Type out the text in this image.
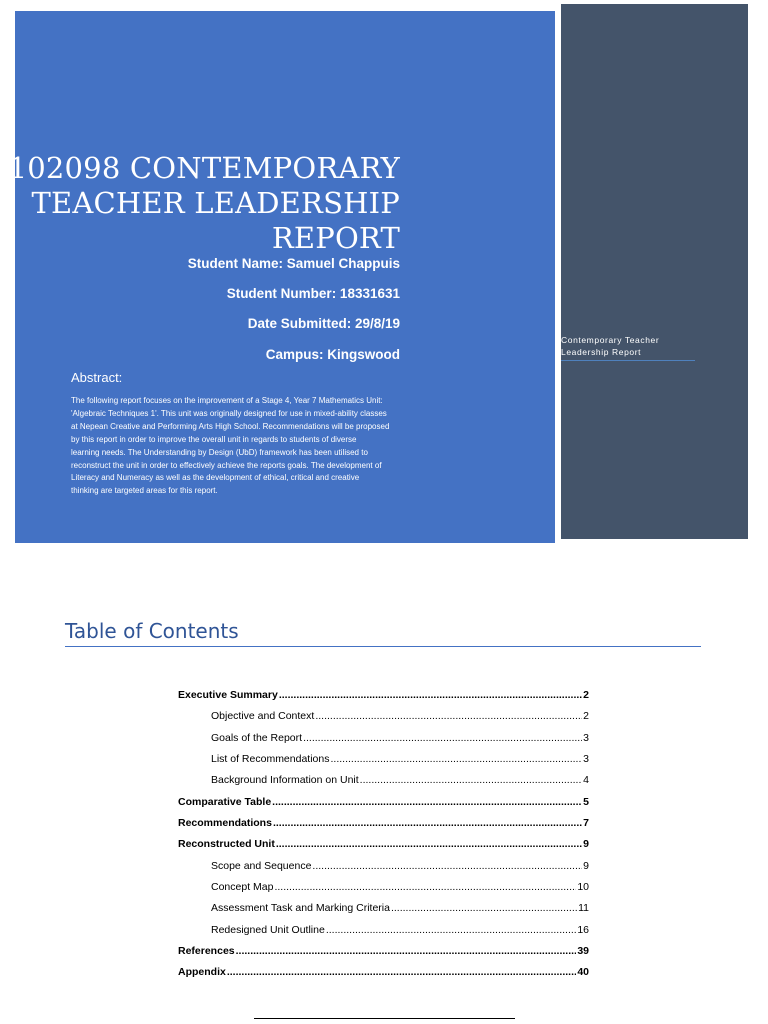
102098 CONTEMPORARY
TEACHER LEADERSHIP
REPORT
Student Name: Samuel Chappuis
Student Number: 18331631
Date Submitted: 29/8/19
Campus: Kingswood
Abstract:
The following report focuses on the improvement of a Stage 4, Year 7 Mathematics Unit:
'Algebraic Techniques 1'. This unit was originally designed for use in mixed-ability classes
at Nepean Creative and Performing Arts High School. Recommendations will be proposed
by this report in order to improve the overall unit in regards to students of diverse
learning needs. The Understanding by Design (UbD) framework has been utilised to
reconstruct the unit in order to effectively achieve the reports goals. The development of
Literacy and Numeracy as well as the development of ethical, critical and creative
thinking are targeted areas for this report.
Contemporary Teacher
Leadership Report
Table of Contents
Executive Summary .....	2
Objective and Context .....	2
Goals of the Report .....	3
List of Recommendations .....	3
Background Information on Unit .....	4
Comparative Table .....	5
Recommendations .....	7
Reconstructed Unit .....	9
Scope and Sequence .....	9
Concept Map .....	10
Assessment Task and Marking Criteria .....	11
Redesigned Unit Outline .....	16
References .....	39
Appendix .....	40
